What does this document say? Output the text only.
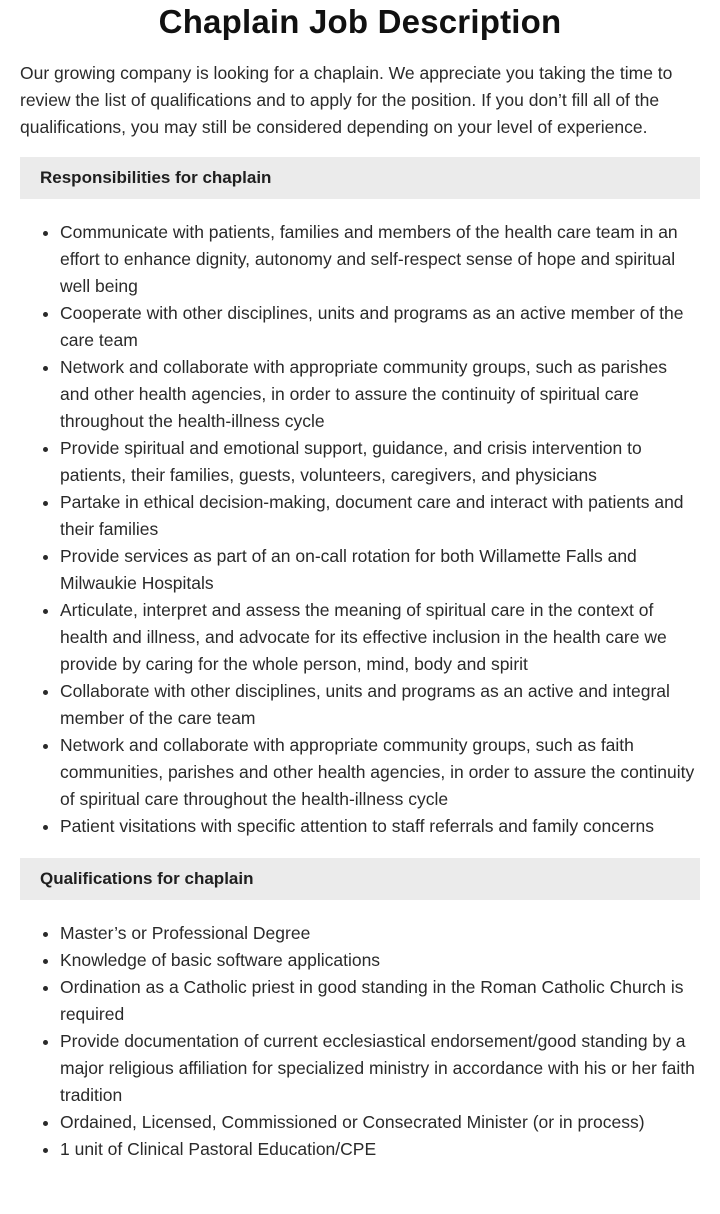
Chaplain Job Description

Our growing company is looking for a chaplain. We appreciate you taking the time to review the list of qualifications and to apply for the position. If you don’t fill all of the qualifications, you may still be considered depending on your level of experience.

Responsibilities for chaplain
• Communicate with patients, families and members of the health care team in an effort to enhance dignity, autonomy and self-respect sense of hope and spiritual well being
• Cooperate with other disciplines, units and programs as an active member of the care team
• Network and collaborate with appropriate community groups, such as parishes and other health agencies, in order to assure the continuity of spiritual care throughout the health-illness cycle
• Provide spiritual and emotional support, guidance, and crisis intervention to patients, their families, guests, volunteers, caregivers, and physicians
• Partake in ethical decision-making, document care and interact with patients and their families
• Provide services as part of an on-call rotation for both Willamette Falls and Milwaukie Hospitals
• Articulate, interpret and assess the meaning of spiritual care in the context of health and illness, and advocate for its effective inclusion in the health care we provide by caring for the whole person, mind, body and spirit
• Collaborate with other disciplines, units and programs as an active and integral member of the care team
• Network and collaborate with appropriate community groups, such as faith communities, parishes and other health agencies, in order to assure the continuity of spiritual care throughout the health-illness cycle
• Patient visitations with specific attention to staff referrals and family concerns
Qualifications for chaplain
• Master’s or Professional Degree
• Knowledge of basic software applications
• Ordination as a Catholic priest in good standing in the Roman Catholic Church is required
• Provide documentation of current ecclesiastical endorsement/good standing by a major religious affiliation for specialized ministry in accordance with his or her faith tradition
• Ordained, Licensed, Commissioned or Consecrated Minister (or in process)
• 1 unit of Clinical Pastoral Education/CPE
